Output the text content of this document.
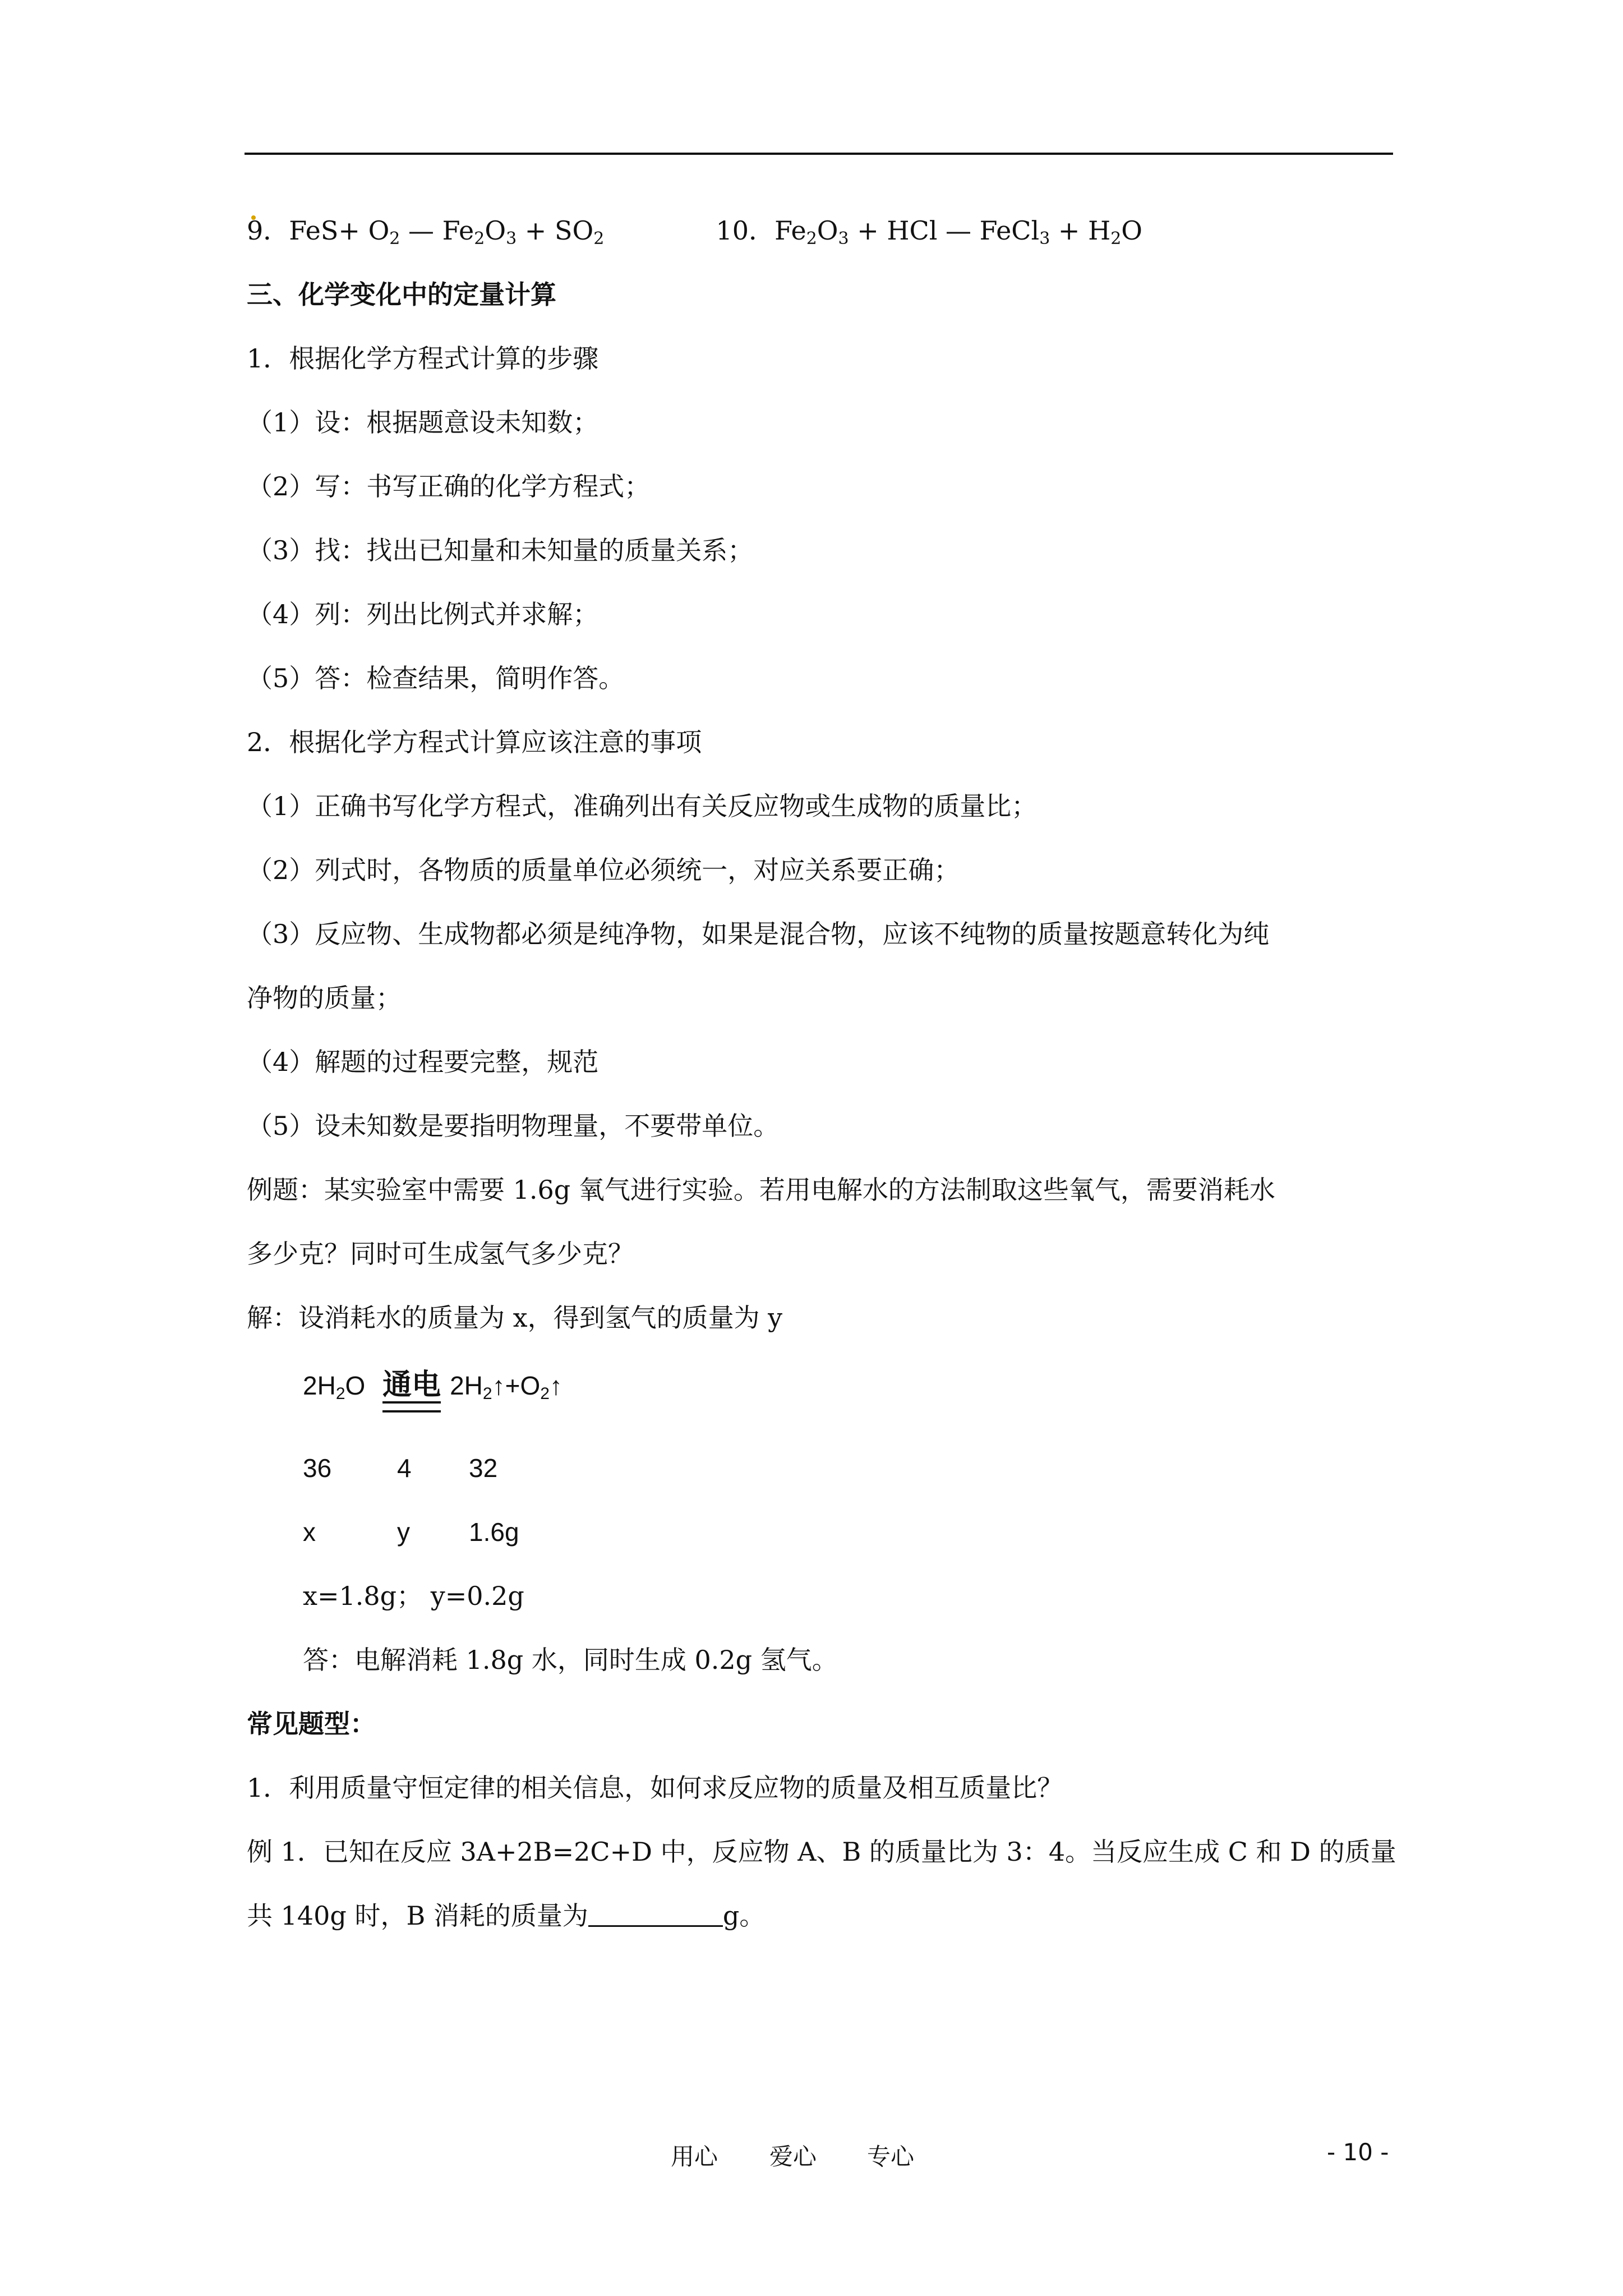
9．$FeS+ O_2$ — $Fe_2O_3 + SO_2$	10．$Fe_2O_3$ + HCl — FeCl$_3$ + $H_2O$
三、化学变化中的定量计算
1．根据化学方程式计算的步骤
（1）设：根据题意设未知数；
（2）写：书写正确的化学方程式；
（3）找：找出已知量和未知量的质量关系；
（4）列：列出比例式并求解；
（5）答：检查结果，简明作答。
2．根据化学方程式计算应该注意的事项
（1）正确书写化学方程式，准确列出有关反应物或生成物的质量比；
（2）列式时，各物质的质量单位必须统一，对应关系要正确；
（3）反应物、生成物都必须是纯净物，如果是混合物，应该不纯物的质量按题意转化为纯
净物的质量；
（4）解题的过程要完整，规范
（5）设未知数是要指明物理量，不要带单位。
例题：某实验室中需要 1.6g 氧气进行实验。若用电解水的方法制取这些氧气，需要消耗水
多少克？同时可生成氢气多少克？
解：设消耗水的质量为 x，得到氢气的质量为 y
$2H_2O$ 通电 $2H_2↑+O_2↑$
36	4 32
x	y 1.6g
x=1.8g； y=0.2g
答：电解消耗 1.8g 水，同时生成 0.2g 氢气。
常见题型：
1．利用质量守恒定律的相关信息，如何求反应物的质量及相互质量比？
例 1．已知在反应 3A+2B=2C+D 中，反应物 A、B 的质量比为 3：4。当反应生成 C 和 D 的质量
共 140g 时，B 消耗的质量为	g。
用心 爱心 专心	- 10 -
